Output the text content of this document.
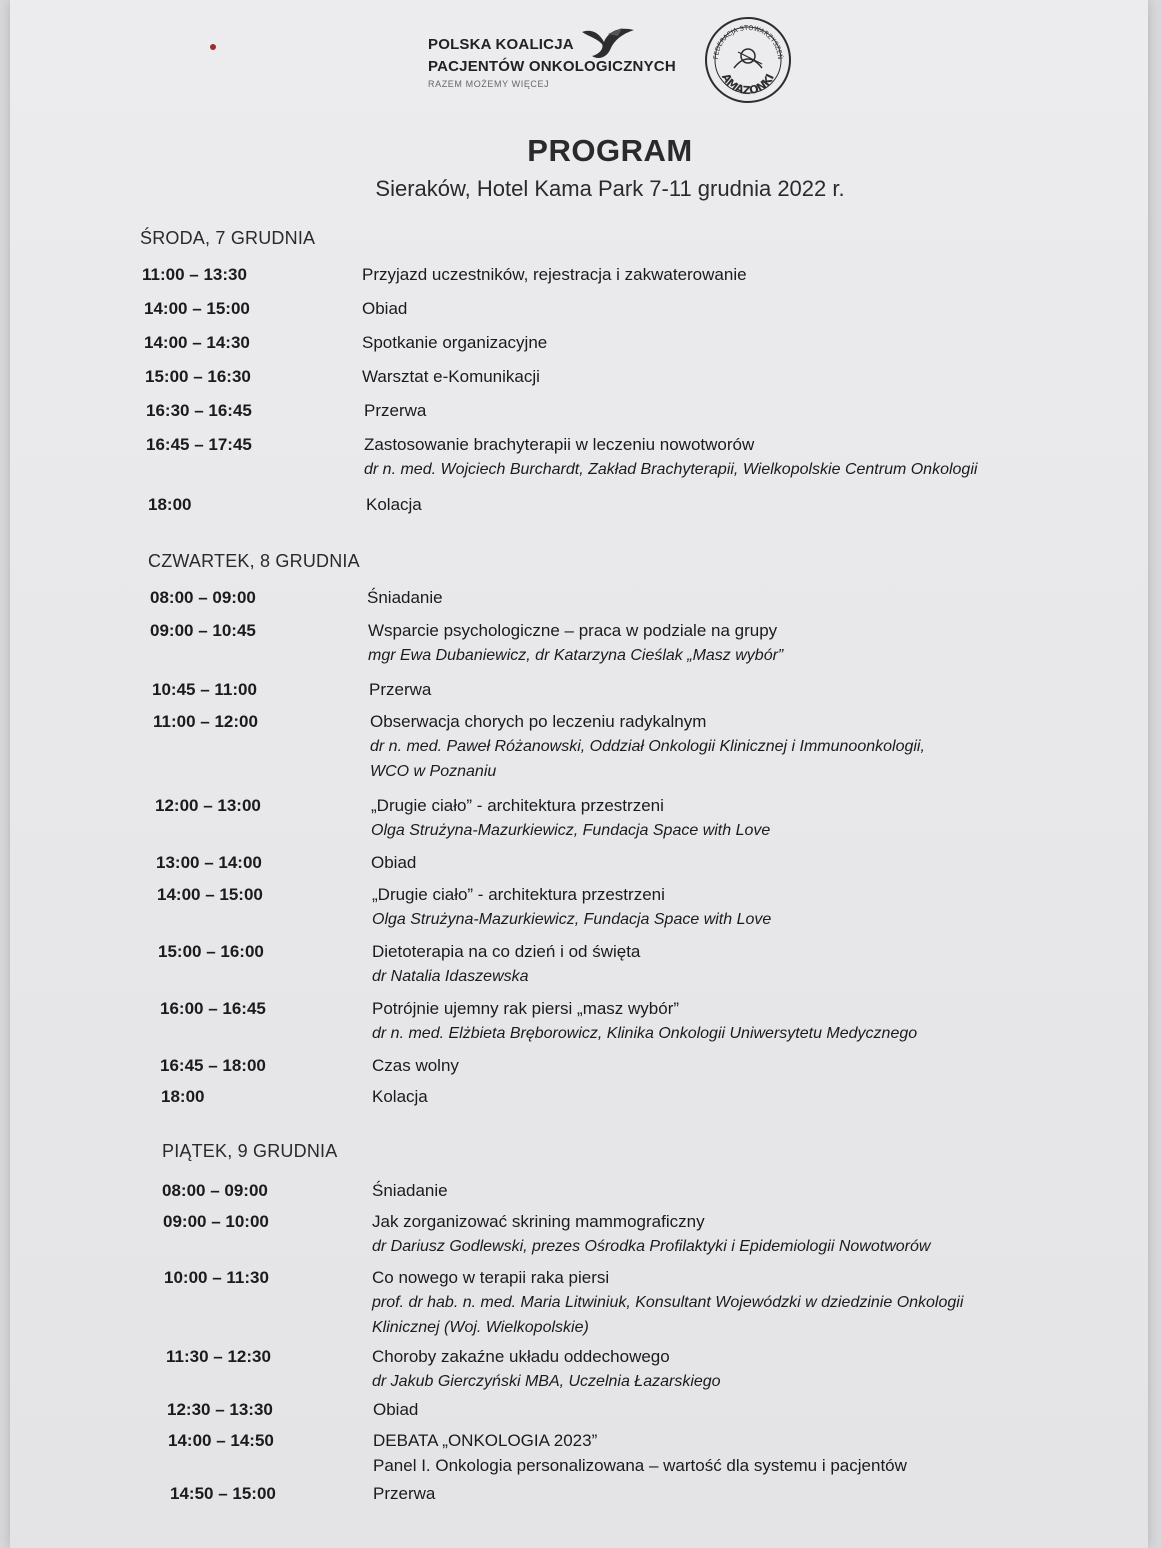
POLSKA KOALICJA
PACJENTÓW ONKOLOGICZNYCH
RAZEM MOŻEMY WIĘCEJ
FEDERACJA STOWARZYSZEŃ
AMAZONKI
PROGRAM
Sieraków, Hotel Kama Park 7-11 grudnia 2022 r.
ŚRODA, 7 GRUDNIA
11:00 – 13:30	Przyjazd uczestników, rejestracja i zakwaterowanie
14:00 – 15:00	Obiad
14:00 – 14:30	Spotkanie organizacyjne
15:00 – 16:30	Warsztat e-Komunikacji
16:30 – 16:45	Przerwa
16:45 – 17:45	Zastosowanie brachyterapii w leczeniu nowotworów
dr n. med. Wojciech Burchardt, Zakład Brachyterapii, Wielkopolskie Centrum Onkologii
18:00	Kolacja
CZWARTEK, 8 GRUDNIA
08:00 – 09:00	Śniadanie
09:00 – 10:45	Wsparcie psychologiczne – praca w podziale na grupy
mgr Ewa Dubaniewicz, dr Katarzyna Cieślak „Masz wybór”
10:45 – 11:00	Przerwa
11:00 – 12:00	Obserwacja chorych po leczeniu radykalnym
dr n. med. Paweł Różanowski, Oddział Onkologii Klinicznej i Immunoonkologii,
WCO w Poznaniu
12:00 – 13:00	„Drugie ciało” - architektura przestrzeni
Olga Strużyna-Mazurkiewicz, Fundacja Space with Love
13:00 – 14:00	Obiad
14:00 – 15:00	„Drugie ciało” - architektura przestrzeni
Olga Strużyna-Mazurkiewicz, Fundacja Space with Love
15:00 – 16:00	Dietoterapia na co dzień i od święta
dr Natalia Idaszewska
16:00 – 16:45	Potrójnie ujemny rak piersi „masz wybór”
dr n. med. Elżbieta Bręborowicz, Klinika Onkologii Uniwersytetu Medycznego
16:45 – 18:00	Czas wolny
18:00	Kolacja
PIĄTEK, 9 GRUDNIA
08:00 – 09:00	Śniadanie
09:00 – 10:00	Jak zorganizować skrining mammograficzny
dr Dariusz Godlewski, prezes Ośrodka Profilaktyki i Epidemiologii Nowotworów
10:00 – 11:30	Co nowego w terapii raka piersi
prof. dr hab. n. med. Maria Litwiniuk, Konsultant Wojewódzki w dziedzinie Onkologii
Klinicznej (Woj. Wielkopolskie)
11:30 – 12:30	Choroby zakaźne układu oddechowego
dr Jakub Gierczyński MBA, Uczelnia Łazarskiego
12:30 – 13:30	Obiad
14:00 – 14:50	DEBATA „ONKOLOGIA 2023”
Panel I. Onkologia personalizowana – wartość dla systemu i pacjentów
14:50 – 15:00	Przerwa
